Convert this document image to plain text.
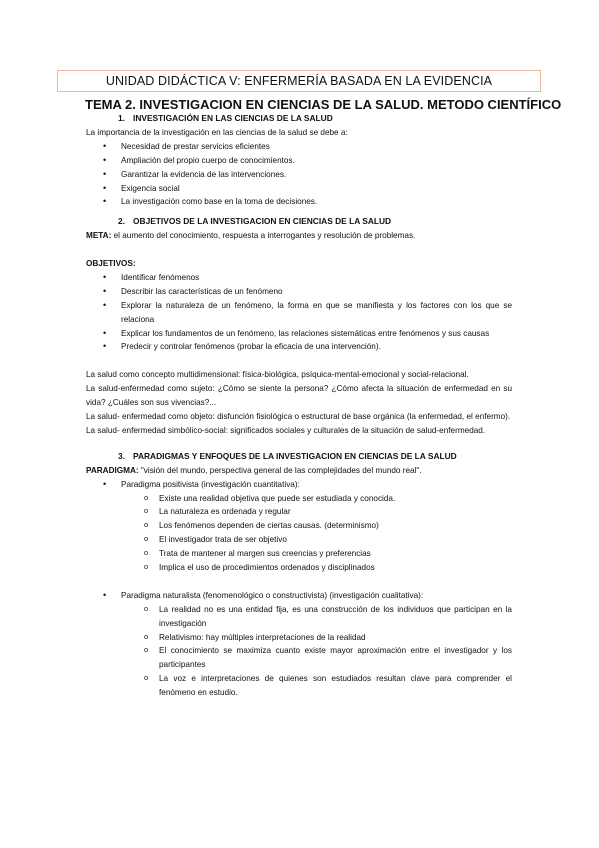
UNIDAD DIDÁCTICA V: ENFERMERÍA BASADA EN LA EVIDENCIA
TEMA 2. INVESTIGACION EN CIENCIAS DE LA SALUD. METODO CIENTÍFICO
1. INVESTIGACIÓN EN LAS CIENCIAS DE LA SALUD

La importancia de la investigación en las ciencias de la salud se debe a:

• Necesidad de prestar servicios eficientes
• Ampliación del propio cuerpo de conocimientos.
• Garantizar la evidencia de las intervenciones.
• Exigencia social
• La investigación como base en la toma de decisiones.
2. OBJETIVOS DE LA INVESTIGACION EN CIENCIAS DE LA SALUD

META: el aumento del conocimiento, respuesta a interrogantes y resolución de problemas.

OBJETIVOS:

• Identificar fenómenos
• Describir las características de un fenómeno
• Explorar la naturaleza de un fenómeno, la forma en que se manifiesta y los factores con los que se relaciona
• Explicar los fundamentos de un fenómeno, las relaciones sistemáticas entre fenómenos y sus causas
• Predecir y controlar fenómenos (probar la eficacia de una intervención).

La salud como concepto multidimensional: física-biológica, psíquica-mental-emocional y social-relacional.

La salud-enfermedad como sujeto: ¿Cómo se siente la persona? ¿Cómo afecta la situación de enfermedad en su vida? ¿Cuáles son sus vivencias?...

La salud- enfermedad como objeto: disfunción fisiológica o estructural de base orgánica (la enfermedad, el enfermo).

La salud- enfermedad simbólico-social: significados sociales y culturales de la situación de salud-enfermedad.

3. PARADIGMAS Y ENFOQUES DE LA INVESTIGACION EN CIENCIAS DE LA SALUD

PARADIGMA: "visión del mundo, perspectiva general de las complejidades del mundo real".

• Paradigma positivista (investigación cuantitativa):
o Existe una realidad objetiva que puede ser estudiada y conocida.
o La naturaleza es ordenada y regular
o Los fenómenos dependen de ciertas causas. (determinismo)
o El investigador trata de ser objetivo
o Trata de mantener al margen sus creencias y preferencias
o Implica el uso de procedimientos ordenados y disciplinados
• Paradigma naturalista (fenomenológico o constructivista) (investigación cualitativa):
o La realidad no es una entidad fija, es una construcción de los individuos que participan en la investigación
o Relativismo: hay múltiples interpretaciones de la realidad
o El conocimiento se maximiza cuanto existe mayor aproximación entre el investigador y los participantes
o La voz e interpretaciones de quienes son estudiados resultan clave para comprender el fenómeno en estudio.
